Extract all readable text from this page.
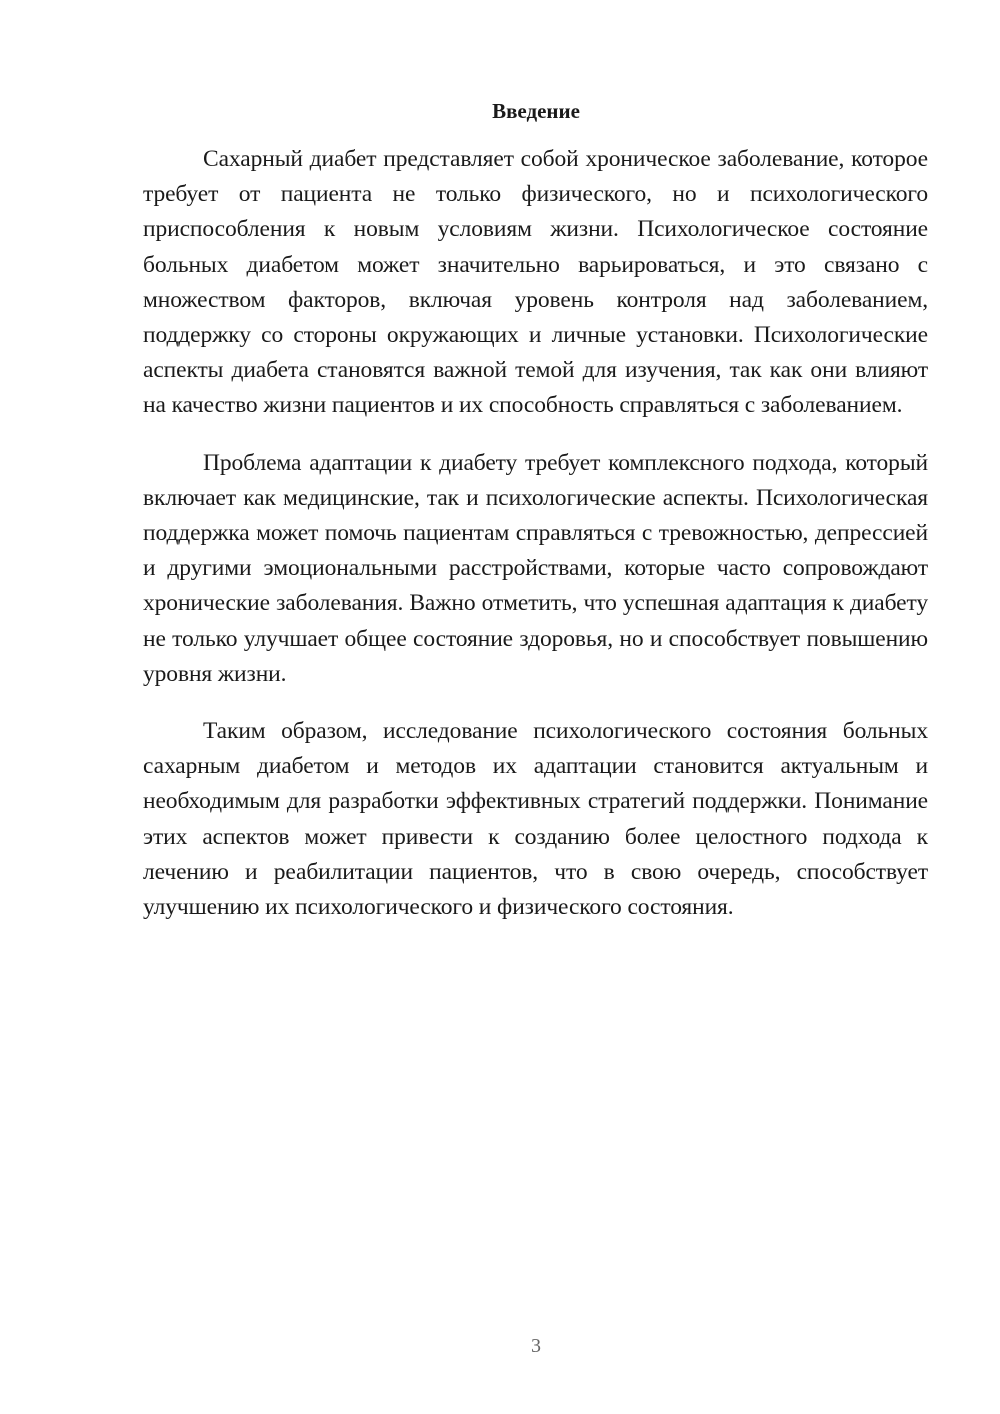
Введение

Сахарный диабет представляет собой хроническое заболевание, которое требует от пациента не только физического, но и психологического приспособления к новым условиям жизни. Психологическое состояние больных диабетом может значительно варьироваться, и это связано с множеством факторов, включая уровень контроля над заболеванием, поддержку со стороны окружающих и личные установки. Психологические аспекты диабета становятся важной темой для изучения, так как они влияют на качество жизни пациентов и их способность справляться с заболеванием.

Проблема адаптации к диабету требует комплексного подхода, который включает как медицинские, так и психологические аспекты. Психологическая поддержка может помочь пациентам справляться с тревожностью, депрессией и другими эмоциональными расстройствами, которые часто сопровождают хронические заболевания. Важно отметить, что успешная адаптация к диабету не только улучшает общее состояние здоровья, но и способствует повышению уровня жизни.

Таким образом, исследование психологического состояния больных сахарным диабетом и методов их адаптации становится актуальным и необходимым для разработки эффективных стратегий поддержки. Понимание этих аспектов может привести к созданию более целостного подхода к лечению и реабилитации пациентов, что в свою очередь, способствует улучшению их психологического и физического состояния.

3
